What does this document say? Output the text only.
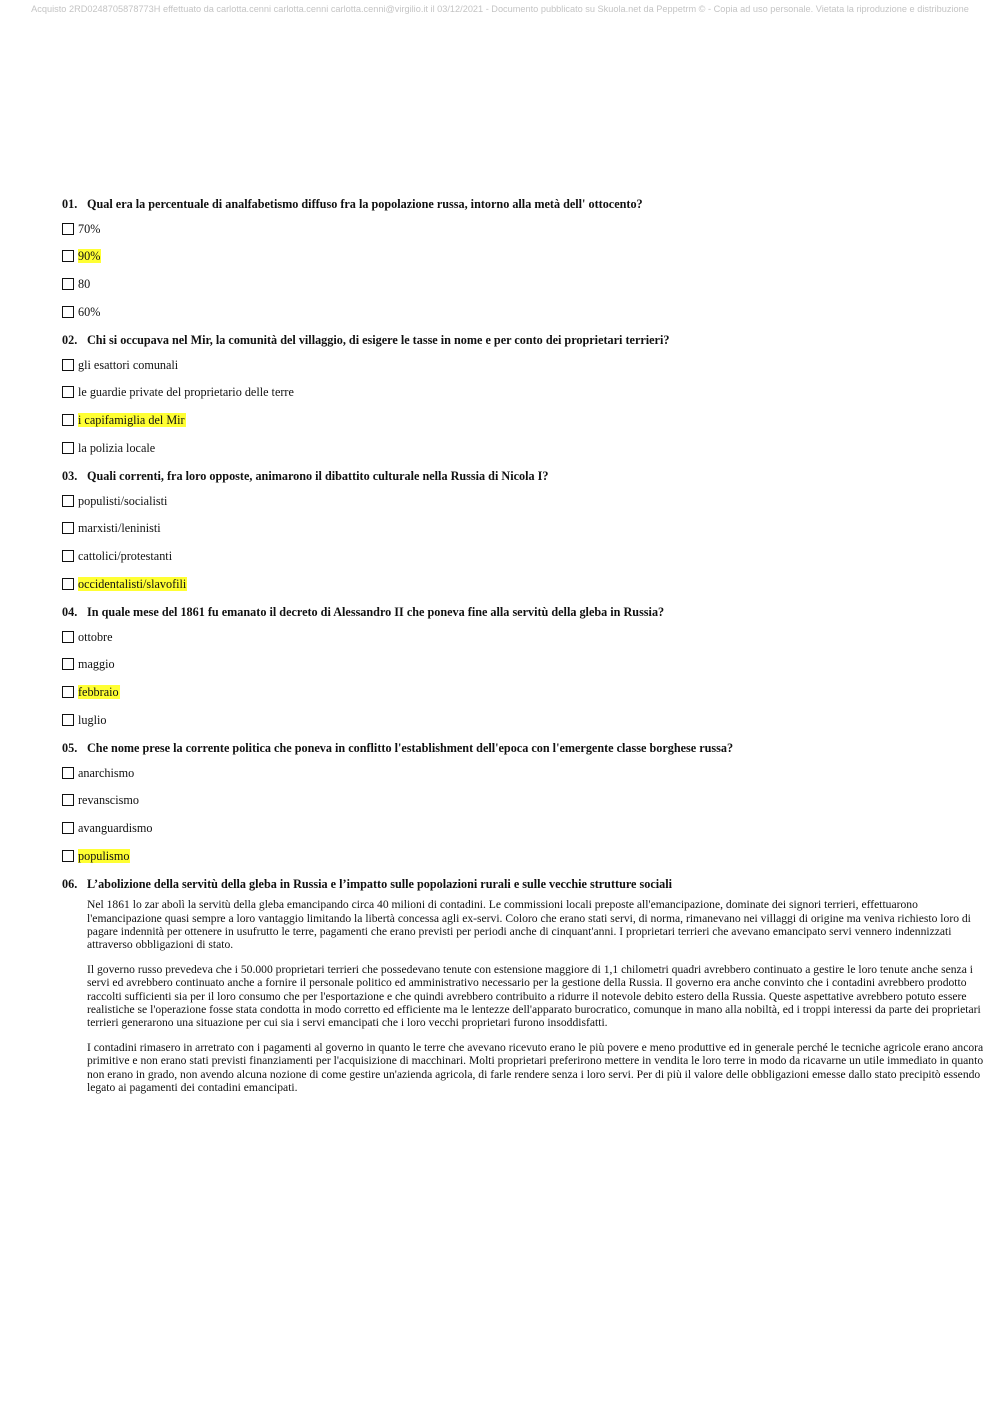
Acquisto 2RD0248705878773H effettuato da carlotta.cenni carlotta.cenni carlotta.cenni@virgilio.it il 03/12/2021 - Documento pubblicato su Skuola.net da Peppetrm © - Copia ad uso personale. Vietata la riproduzione e distribuzione
01. Qual era la percentuale di analfabetismo diffuso fra la popolazione russa, intorno alla metà dell' ottocento?
70%
90%
80
60%
02. Chi si occupava nel Mir, la comunità del villaggio, di esigere le tasse in nome e per conto dei proprietari terrieri?
gli esattori comunali
le guardie private del proprietario delle terre
i capifamiglia del Mir
la polizia locale
03. Quali correnti, fra loro opposte, animarono il dibattito culturale nella Russia di Nicola I?
populisti/socialisti
marxisti/leninisti
cattolici/protestanti
occidentalisti/slavofili
04. In quale mese del 1861 fu emanato il decreto di Alessandro II che poneva fine alla servitù della gleba in Russia?
ottobre
maggio
febbraio
luglio
05. Che nome prese la corrente politica che poneva in conflitto l'establishment dell'epoca con l'emergente classe borghese russa?
anarchismo
revanscismo
avanguardismo
populismo
06. L’abolizione della servitù della gleba in Russia e l’impatto sulle popolazioni rurali e sulle vecchie strutture sociali

Nel 1861 lo zar abolì la servitù della gleba emancipando circa 40 milioni di contadini. Le commissioni locali preposte all'emancipazione, dominate dei signori terrieri, effettuarono l'emancipazione quasi sempre a loro vantaggio limitando la libertà concessa agli ex-servi. Coloro che erano stati servi, di norma, rimanevano nei villaggi di origine ma veniva richiesto loro di pagare indennità per ottenere in usufrutto le terre, pagamenti che erano previsti per periodi anche di cinquant'anni. I proprietari terrieri che avevano emancipato servi vennero indennizzati attraverso obbligazioni di stato.

Il governo russo prevedeva che i 50.000 proprietari terrieri che possedevano tenute con estensione maggiore di 1,1 chilometri quadri avrebbero continuato a gestire le loro tenute anche senza i servi ed avrebbero continuato anche a fornire il personale politico ed amministrativo necessario per la gestione della Russia. Il governo era anche convinto che i contadini avrebbero prodotto raccolti sufficienti sia per il loro consumo che per l'esportazione e che quindi avrebbero contribuito a ridurre il notevole debito estero della Russia. Queste aspettative avrebbero potuto essere realistiche se l'operazione fosse stata condotta in modo corretto ed efficiente ma le lentezze dell'apparato burocratico, comunque in mano alla nobiltà, ed i troppi interessi da parte dei proprietari terrieri generarono una situazione per cui sia i servi emancipati che i loro vecchi proprietari furono insoddisfatti.

I contadini rimasero in arretrato con i pagamenti al governo in quanto le terre che avevano ricevuto erano le più povere e meno produttive ed in generale perché le tecniche agricole erano ancora primitive e non erano stati previsti finanziamenti per l'acquisizione di macchinari. Molti proprietari preferirono mettere in vendita le loro terre in modo da ricavarne un utile immediato in quanto non erano in grado, non avendo alcuna nozione di come gestire un'azienda agricola, di farle rendere senza i loro servi. Per di più il valore delle obbligazioni emesse dallo stato precipitò essendo legato ai pagamenti dei contadini emancipati.
